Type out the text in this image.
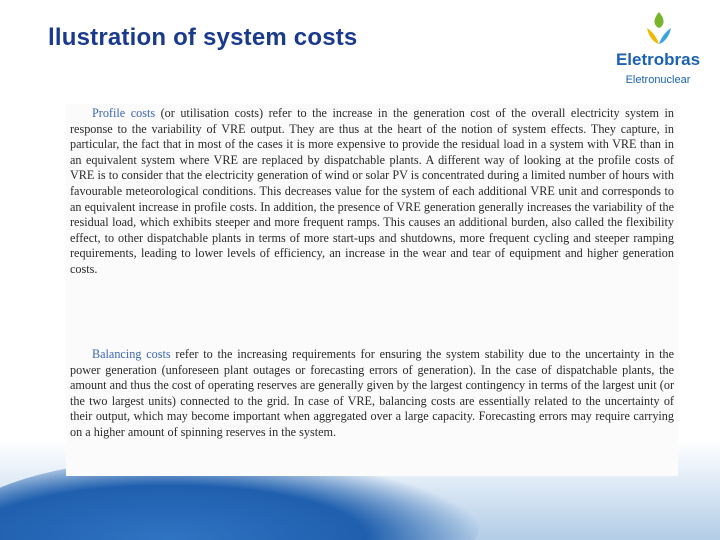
llustration of system costs
Eletrobras
Eletronuclear

Profile costs (or utilisation costs) refer to the increase in the generation cost of the overall electricity system in response to the variability of VRE output. They are thus at the heart of the notion of system effects. They capture, in particular, the fact that in most of the cases it is more expensive to provide the residual load in a system with VRE than in an equivalent system where VRE are replaced by dispatchable plants. A different way of looking at the profile costs of VRE is to consider that the electricity generation of wind or solar PV is concentrated during a limited number of hours with favourable meteorological conditions. This decreases value for the system of each additional VRE unit and corresponds to an equivalent increase in profile costs. In addition, the presence of VRE generation generally increases the variability of the residual load, which exhibits steeper and more frequent ramps. This causes an additional burden, also called the flexibility effect, to other dispatchable plants in terms of more start-ups and shutdowns, more frequent cycling and steeper ramping requirements, leading to lower levels of efficiency, an increase in the wear and tear of equipment and higher generation costs.

Balancing costs refer to the increasing requirements for ensuring the system stability due to the uncertainty in the power generation (unforeseen plant outages or forecasting errors of generation). In the case of dispatchable plants, the amount and thus the cost of operating reserves are generally given by the largest contingency in terms of the largest unit (or the two largest units) connected to the grid. In case of VRE, balancing costs are essentially related to the uncertainty of their output, which may become important when aggregated over a large capacity. Forecasting errors may require carrying on a higher amount of spinning reserves in the system.
